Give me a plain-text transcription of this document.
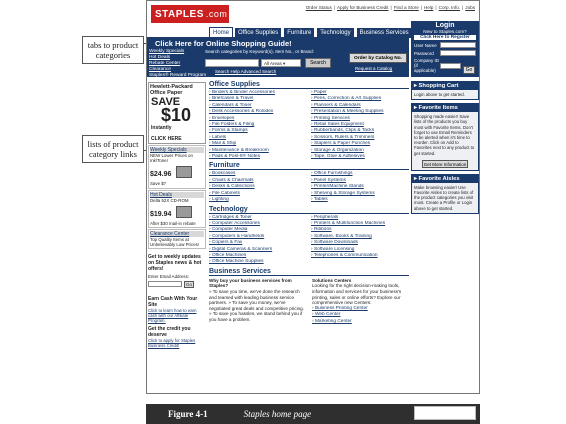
tabs to product categories
lists of product category links
STAPLES .com
Order Status | Apply for Business Credit | Find a Store | Help | Corp. Info. | Jobs
Home	Office Supplies	Furniture	Technology	Business Services
Click Here for Online Shopping Guide!
Weekly Specials
Hot Deals
Rebate Center
Clearance
Staples® Reward Program
Search categories by Keyword(s), Item No., or Brand:
All Areas ▾	Search
Search Help Advanced Search
Order by Catalog No.
Request a Catalog
Login
New to Staples.com?
Click Here to Register
User Name
Password
Company ID (if applicable)	Go
Hewlett-Packard Office Paper
SAVE
$10
Instantly
CLICK HERE
Weekly Specials
NEW Lower Prices on Ink/Toner
$24.96
Save $7
Hot Deals
Delta 52X CD-ROM
$19.94
After $30 mail-in rebate
Clearance Center
Top Quality Items at Unbelievably Low Prices!
Get to weekly updates on Staples news & hot offers!
Enter Email Address:
Go
Earn Cash With Your Site
Click to learn how to earn cash with our Affiliate Program.
Get the credit you deserve
Click to apply for Staples Business Credit!
Office Supplies
› Binders & Binder Accessories
› Briefcases & Travel
› Calendars & Toner
› Desk Accessories & Rolodex
› Envelopes
› File Folders & Filing
› Forms & Stamps
› Labels
› Mail & Ship
› Maintenance & Breakroom
› Pads & Post-It® Notes
› Paper
› Pens, Correction & Art Supplies
› Planners & Calendars
› Presentation & Meeting Supplies
› Printing Services
› Retail Sales Equipment
› Rubberbands, Clips & Tacks
› Scissors, Rulers & Trimmers
› Staplers & Paper Punches
› Storage & Organization
› Tape, Glue & Adhesives
Furniture
› Bookcases
› Chairs & Chairmats
› Desks & Collections
› File Cabinets
› Lighting
› Office Furnishings
› Panel Systems
› Printer/Machine Stands
› Shelving & Storage Systems
› Tables
Technology
› Cartridges & Toner
› Computer Accessories
› Computer Media
› Computers & Handhelds
› Copiers & Fax
› Digital Cameras & Scanners
› Office Machines
› Office Machine Supplies
› Peripherals
› Printers & Multifunction Machines
› Ribbons
› Software, Books & Training
› Software Downloads
› Software Licensing
› Telephones & Communication
Business Services
Why buy your business services from Staples?
» To save you time, we've done the research and teamed with leading business service partners. » To save you money, we've negotiated great deals and competitive pricing. » To save you hassles, we stand behind you if you have a problem.
Solutions Centers
Looking for the right decision-making tools, information and services for your business's printing, sales or online efforts? Explore our comprehensive new Centers:
› Business Printing Center
› Web Center
› Marketing Center
▸ Shopping Cart
Login above to get started.
▸ Favorite Items
Shopping made easier! Save lists of the products you buy most with Favorite Items. Don't forget to use Email Reminders to be alerted when it's time to reorder. Click on Add to Favorites next to any product to get started.
Get More Information
▸ Favorite Aisles
Make browsing easier! Use Favorite Aisles to create lists of the product categories you visit most. Create a Profile or Login above to get started.
Figure 4-1	Staples home page
